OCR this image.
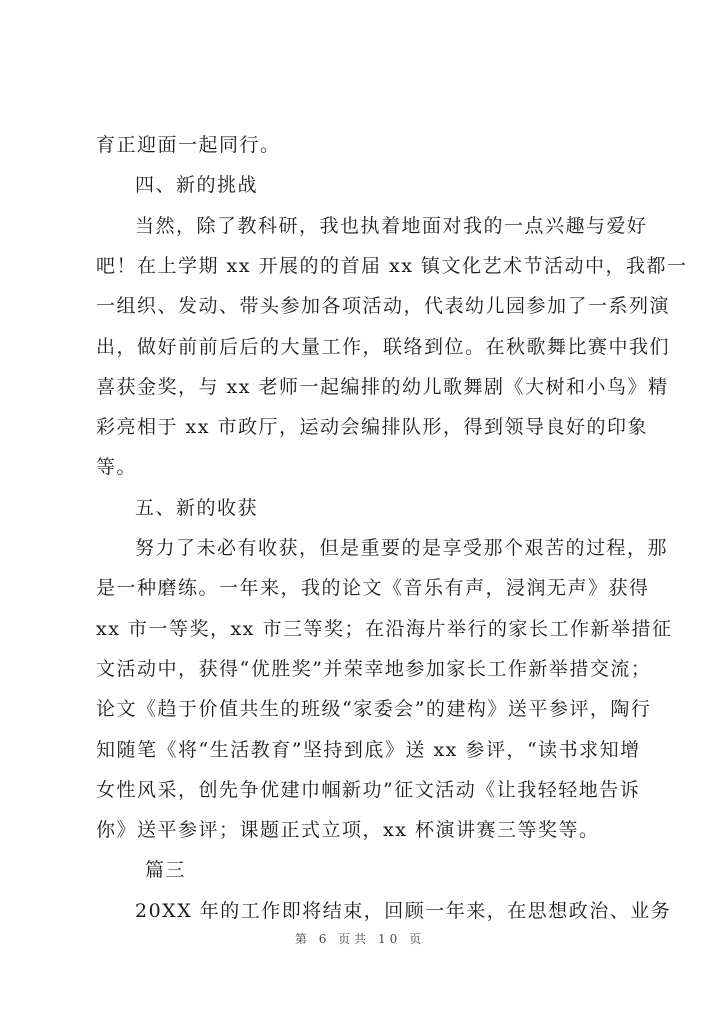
育正迎面一起同行。
四、新的挑战
当然，除了教科研，我也执着地面对我的一点兴趣与爱好
吧！在上学期 xx 开展的的首届 xx 镇文化艺术节活动中，我都一
一组织、发动、带头参加各项活动，代表幼儿园参加了一系列演
出，做好前前后后的大量工作，联络到位。在秋歌舞比赛中我们
喜获金奖，与 xx 老师一起编排的幼儿歌舞剧《大树和小鸟》精
彩亮相于 xx 市政厅，运动会编排队形，得到领导良好的印象
等。
五、新的收获
努力了未必有收获，但是重要的是享受那个艰苦的过程，那
是一种磨练。一年来，我的论文《音乐有声，浸润无声》获得
xx 市一等奖，xx 市三等奖；在沿海片举行的家长工作新举措征
文活动中，获得“优胜奖”并荣幸地参加家长工作新举措交流；
论文《趋于价值共生的班级“家委会”的建构》送平参评，陶行
知随笔《将“生活教育”坚持到底》送 xx 参评，“读书求知增
女性风采，创先争优建巾帼新功”征文活动《让我轻轻地告诉
你》送平参评；课题正式立项，xx 杯演讲赛三等奖等。
篇三
20XX 年的工作即将结束，回顾一年来，在思想政治、业务
第 6 页共 10 页
